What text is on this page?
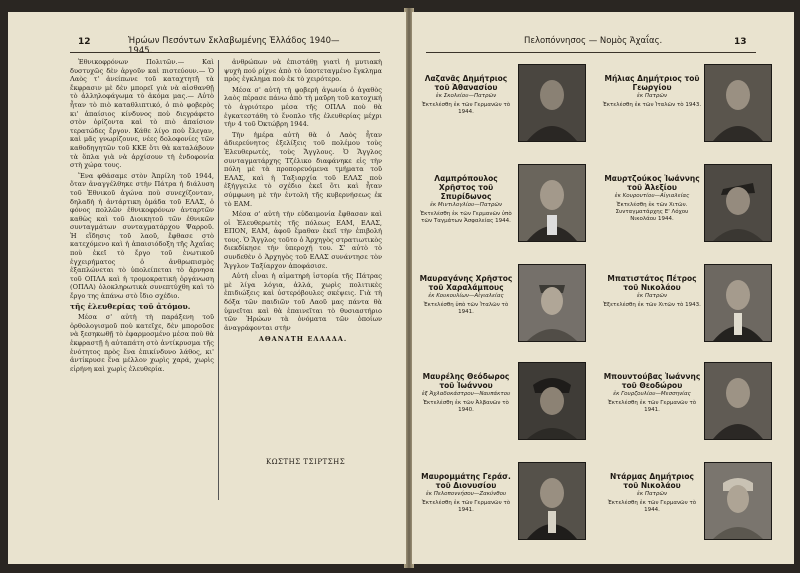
12	Ἡρώων Πεσόντων Σκλαβωμένης Ἑλλάδος 1940—1945.

Ἐθνικοφρόνων Πολιτῶν.— Καὶ δυστυχῶς δὲν ἀργοῦν καὶ πιστεύουν.— Ὁ Λαὸς τ' ἀνείπωνε τοῦ καταχτητῆ τὰ ἔκφρασιν μὲ δὲν μπορεῖ γιὰ νὰ αἰσθανθῇ τὸ ἀλληλοφάγωμα τὸ ἀκόμα μας.— Αὐτὸ ἦταν τὸ πιὸ καταθλιπτικό, ὁ πιὸ φοβερὸς κι' ἀπαίσιος κίνδυνος ποὺ διεγράφετο στὸν ὁρίζοντα καὶ τὸ πιὸ ἀπαίσιον τερατώδες ἔργον. Κάθε λίγο ποὺ ἔλεγαν, καὶ μᾶς γνωρίζουνε, νέες δολοφονίες τῶν καθοδηγητῶν τοῦ ΚΚΕ ὅτι θὰ καταλάβουν τὰ ὅπλα γιὰ νὰ ἀρχίσουν τὴ ἐνδοφονία στὴ χώρα τους.

Ἕνα φθάσαμε στὸν Ἀπρίλη τοῦ 1944, ὅταν ἀναγγέλθηκε στὴν Πάτρα ἡ διάλυση τοῦ Ἐθνικοῦ ἀγώνα ποὺ συνεχίζονταν, δηλαδὴ ἡ ἀντάρτικη ὁμάδα τοῦ ΕΛΑΣ, ὁ φόνος πολλῶν ἐθνικοφρόνων ἀνταρτῶν καθὼς καὶ τοῦ Διοικητοῦ τῶν ἐθνικῶν συνταγμάτων συνταγματάρχου Ψαρροῦ. Ἡ εἴδησις τοῦ λαοῦ, ἔφθασε στὸ κατεχόμενο καὶ ἡ ἀπαισιόδοξη τῆς Ἀχαΐας ποὺ ἐκεῖ τὸ ἔργο τοῦ ἑνωτικοῦ ἐγχειρήματος ὁ ἀνθρωπισμὸς ἐξαπλώνεται τὸ ὑπολείπεται τὸ ἄρνησα τοῦ ΟΠΛΑ καὶ ἡ τρομοκρατικὴ ὀργάνωση (ΟΠΛΑ) ὁλοκληρωτικὰ συνεπτύχθη καὶ τὸ ἔργο της ἀπάνω στὸ ἴδιο σχέδιο.

τῆς ἐλευθερίας τοῦ ἀτόμου.

Μέσα σ' αὐτὴ τὴ παράξενη τοῦ ὀρθολογισμοῦ ποὺ κατεῖχε, δὲν μποροῦσε νὰ ξεσηκωθῇ τὸ ἐφαρμοσμένο μέσα ποὺ θὰ ἐκφραστῇ ἡ αὐταπάτη στὸ ἀντίκρυσμα τῆς ἑνότητος πρὸς ἕνα ἐπικίνδυνο λάθος, κι' ἀντίκρυσε ἕνα μέλλον χωρὶς χαρά, χωρὶς εἰρήνη καὶ χωρὶς ἐλευθερία.

ἀνθρώπων νὰ ἐπιστάθῃ γιατὶ ἡ μυτιακὴ ψυχὴ πού ρίχνε ἀπὸ τὸ ὑποτεταγμένο ἔγκλημα πρὸς ἐγκλημα ποὺ ἐκ τὸ χειρότερο.

Μέσα σ' αὐτὴ τὴ φοβερὴ ἀγωνία ὁ ἀγαθὸς λαὸς πέρασε πάνω ἀπὸ τὴ μαῦρη τοῦ κατοχική τὸ ἀγριότερο μέσα τῆς ΟΠΛΑ ποὺ θὰ ἐγκατεστάθη τὸ ἔνοπλο τῆς ἐλευθερίας μέχρι τὴν 4 τοῦ Ὀκτώβρη 1944.

Τὴν ἡμέρα αὐτὴ θὰ ὁ Λαὸς ἦταν ἀδιερεύνητος ἐξελίξεις τοῦ πολέμου τοὺς Ἐλευθερωτές, τοὺς Ἄγγλους. Ὁ Ἄγγλος συνταγματάρχης Τζέλικο διαφάνηκε εἰς τὴν πόλη μὲ τὰ προπορευόμενα τμήματα τοῦ ΕΛΑΣ, καὶ ἡ Ταξιαρχία τοῦ ΕΛΑΣ ποὺ ἐξήγγειλε τὸ σχέδιο ἐκεῖ ὅτι καὶ ἦταν σύμφωνη μὲ τὴν ἐντολὴ τῆς κυβερνήσεως ἐκ τὸ ΕΑΜ.

Μέσα σ' αὐτὴ τὴν εὐδαιμονία ἔφθασαν καὶ οἱ Ἐλευθερωτὲς τῆς πόλεως ΕΑΜ, ΕΛΑΣ, ΕΠΟΝ, ΕΑΜ, ἀφοῦ ἔμαθαν ἐκεῖ τὴν ἐπιβολή τους. Ὁ Ἄγγλος τοῦτο ὁ Ἀρχηγὸς στρατιωτικὸς διεκδίκησε τὴν ὑπεροχή του. Σ' αὐτὸ τὸ συνδεθὲν ὁ Ἀρχηγὸς τοῦ ΕΛΑΣ συνάντησε τὸν Ἄγγλον Ταξίαρχον ἀποφάσισε.

Αὐτὴ εἶναι ἡ αἰματηρὴ ἱστορία τῆς Πάτρας μὲ λίγα λόγια, ἀλλά, χωρὶς πολιτικὲς ἐπιδιώξεις καὶ ὑστερόβουλες σκέψεις. Γιὰ τὴ δόξα τῶν παιδιῶν τοῦ Λαοῦ μας πάντα θὰ ὑμνεῖται καὶ θὰ ἐπαινεῖται τὸ θυσιαστήριο τῶν Ἡρώων τὰ ὀνόματα τῶν ὁποίων ἀναγράφονται στὴν

ΑΘΑΝΑΤΗ ΕΛΛΑΔΑ.
ΚΩΣΤΗΣ ΤΣΙΡΤΣΗΣ
Πελοπόννησος — Νομὸς Ἀχαΐας.	13
Λαζανᾶς Δημήτριος τοῦ Ἀθανασίου
ἐκ Σκολείου—Πατρῶν
Ἐκτελέσθη ἐκ τῶν Γερμανῶν τὸ 1944.
Μήλιας Δημήτριος τοῦ Γεωργίου
ἐκ Πατρῶν
Ἐκτελέσθη ἐκ τῶν Ἰταλῶν τὸ 1943.
Λαμπρόπουλος Χρῆστος τοῦ Σπυρίδωνος
ἐκ Μιντιλογλίου—Πατρῶν
Ἐκτελέσθη ἐκ τῶν Γερμανῶν ὑπὸ τῶν Ταγμάτων Ἀσφαλείας 1944.
Μαυρτζούκος Ἰωάννης τοῦ Ἀλεξίου
ἐκ Κουρουτίου—Αἰγιαλείας
Ἐκτελέσθη ἐκ τῶν Χιτῶν. Συνταγματάρχης Ε' Λόχου Νικολάου 1944.
Μαυραγάνης Χρῆστος τοῦ Χαραλάμπους
ἐκ Κουκουλίων—Αἰγιαλείας
Ἐκτελέσθη ὑπὸ τῶν Ἰταλῶν τὸ 1941.
Μπατιστάτος Πέτρος τοῦ Νικολάου
ἐκ Πατρῶν
Ἐξετελέσθη ἐκ τῶν Χιτῶν τὸ 1943.
Μαυρέλης Θεόδωρος τοῦ Ἰωάννου
ἐξ Ἀχλαδοκάστρου—Ναυπάκτου
Ἐκτελέσθη ἐκ τῶν Ἀλβανῶν τὸ 1940.
Μπουντούβας Ἰωάννης τοῦ Θεοδώρου
ἐκ Γουρζουλίου—Μεσσηνίας
Ἐκτελέσθη ἐκ τῶν Γερμανῶν τὸ 1941.
Μαυρομμάτης Γεράσ. τοῦ Διονυσίου
ἐκ Πελοποννήσου—Ζακύνθου
Ἐκτελέσθη ἐκ τῶν Γερμανῶν τὸ 1941.
Ντάρμας Δημήτριος τοῦ Νικολάου
ἐκ Πατρῶν
Ἐκτελέσθη ἐκ τῶν Γερμανῶν τὸ 1944.
